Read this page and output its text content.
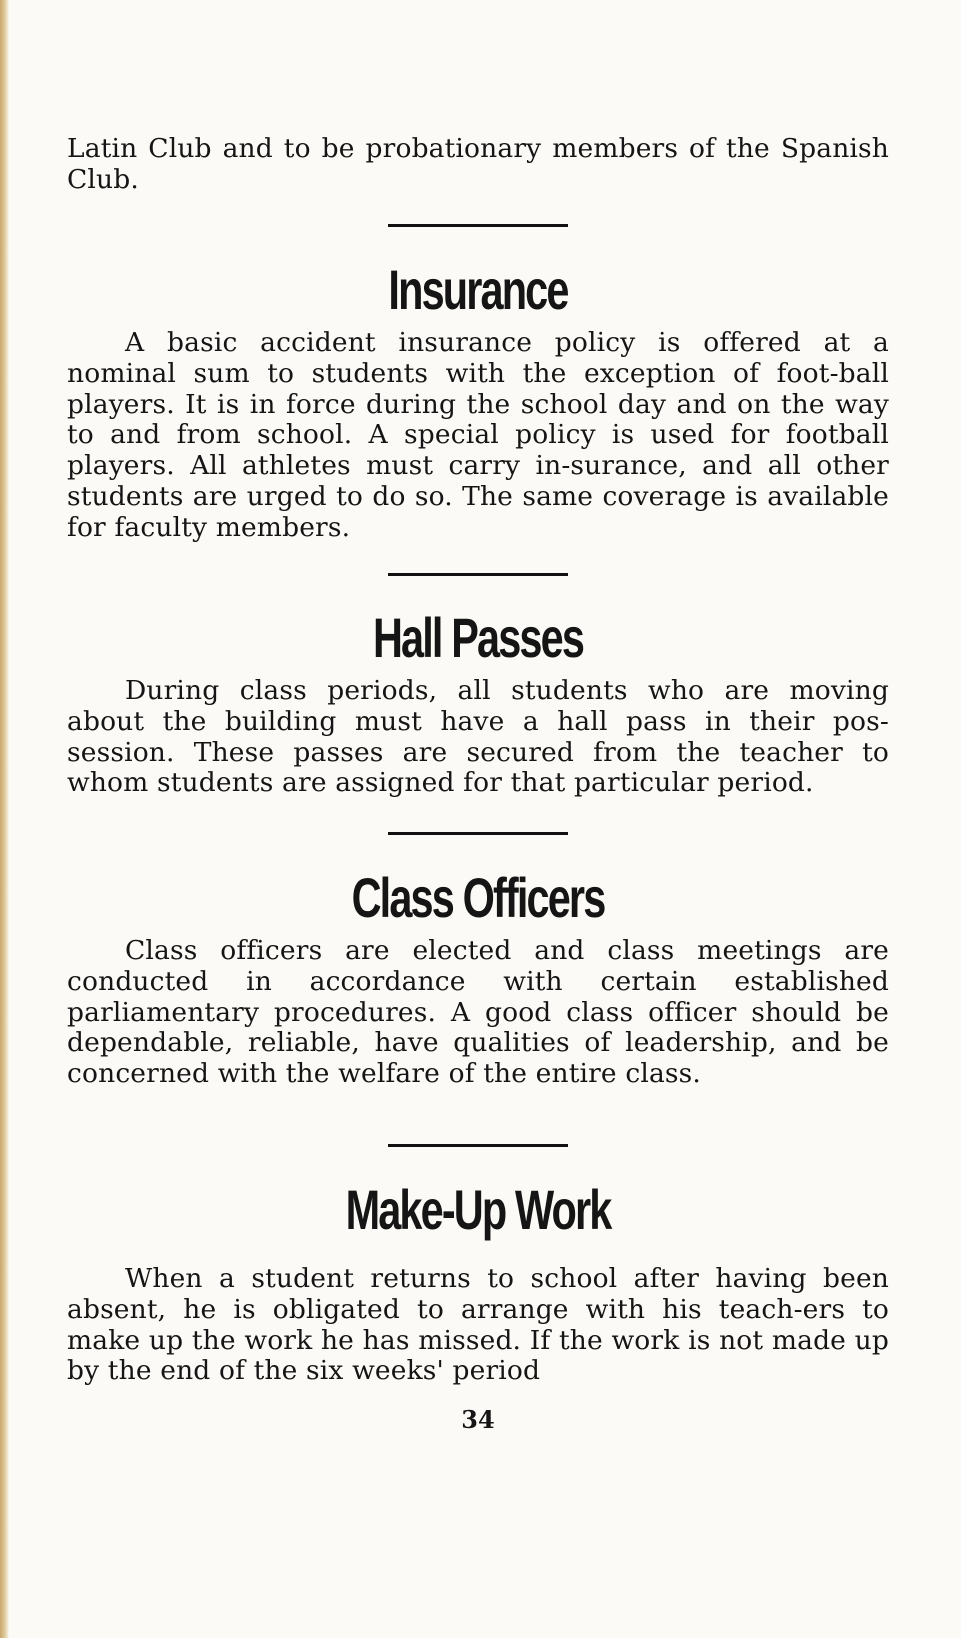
Latin Club and to be probationary members of the Spanish Club.

Insurance

A basic accident insurance policy is offered at a nominal sum to students with the exception of foot-ball players. It is in force during the school day and on the way to and from school. A special policy is used for football players. All athletes must carry in-surance, and all other students are urged to do so. The same coverage is available for faculty members.

Hall Passes

During class periods, all students who are moving about the building must have a hall pass in their pos-session. These passes are secured from the teacher to whom students are assigned for that particular period.

Class Officers

Class officers are elected and class meetings are conducted in accordance with certain established parliamentary procedures. A good class officer should be dependable, reliable, have qualities of leadership, and be concerned with the welfare of the entire class.

Make-Up Work

When a student returns to school after having been absent, he is obligated to arrange with his teach-ers to make up the work he has missed. If the work is not made up by the end of the six weeks' period

34
